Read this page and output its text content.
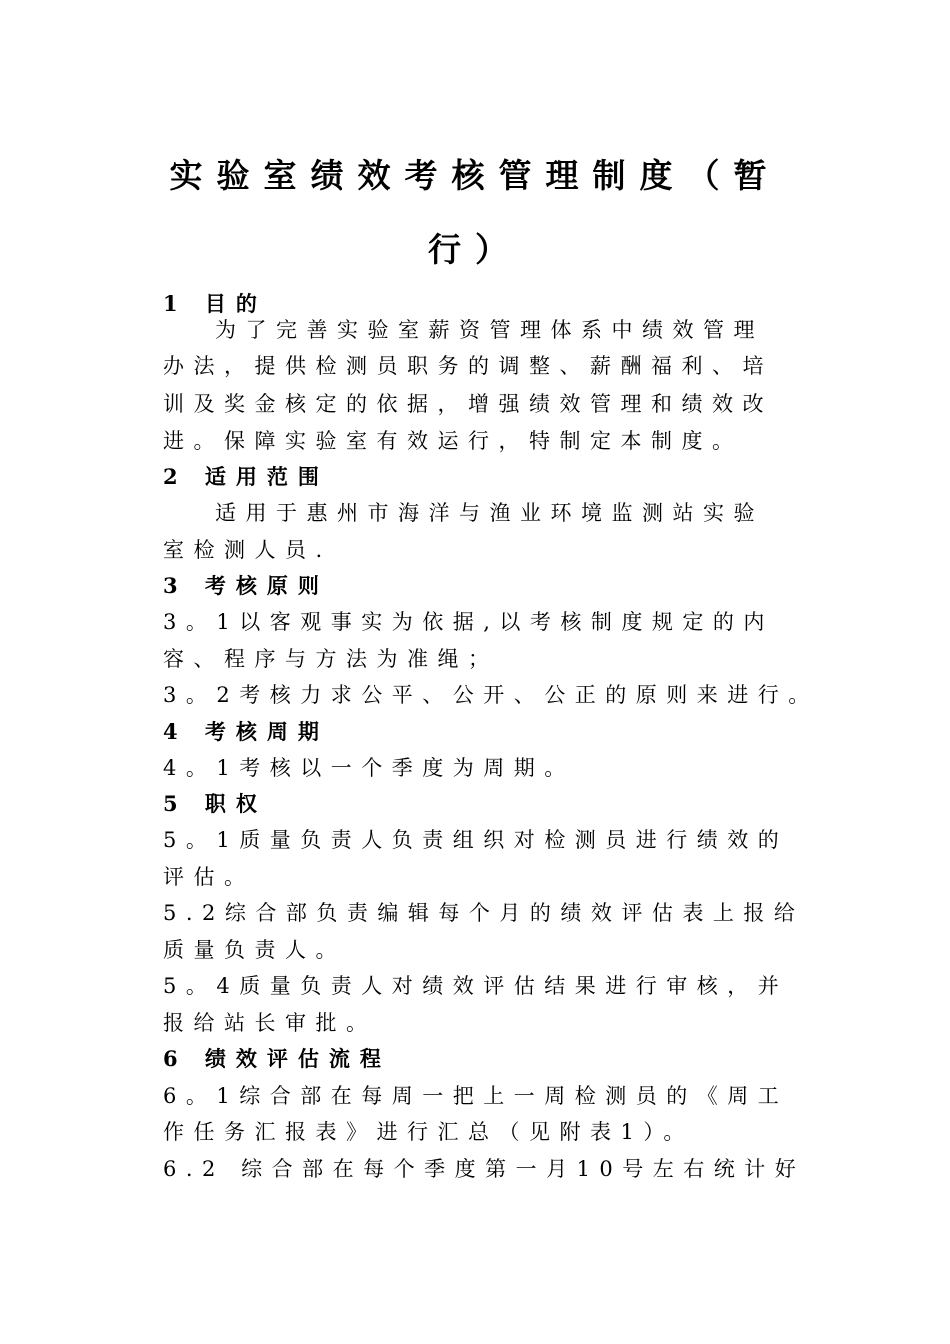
实验室绩效考核管理制度（暂
行）
1 目的
为了完善实验室薪资管理体系中绩效管理
办法，提供检测员职务的调整、薪酬福利、培
训及奖金核定的依据，增强绩效管理和绩效改
进。保障实验室有效运行，特制定本制度。
2 适用范围
适用于惠州市海洋与渔业环境监测站实验
室检测人员.
3 考核原则
3。1以客观事实为依据,以考核制度规定的内
容、程序与方法为准绳；
3。2考核力求公平、公开、公正的原则来进行。
4 考核周期
4。1考核以一个季度为周期。
5 职权
5。1质量负责人负责组织对检测员进行绩效的
评估。
5.2综合部负责编辑每个月的绩效评估表上报给
质量负责人。
5。4质量负责人对绩效评估结果进行审核，并
报给站长审批。
6 绩效评估流程
6。1综合部在每周一把上一周检测员的《周工
作任务汇报表》进行汇总（见附表1）。
6.2 综合部在每个季度第一月10号左右统计好
